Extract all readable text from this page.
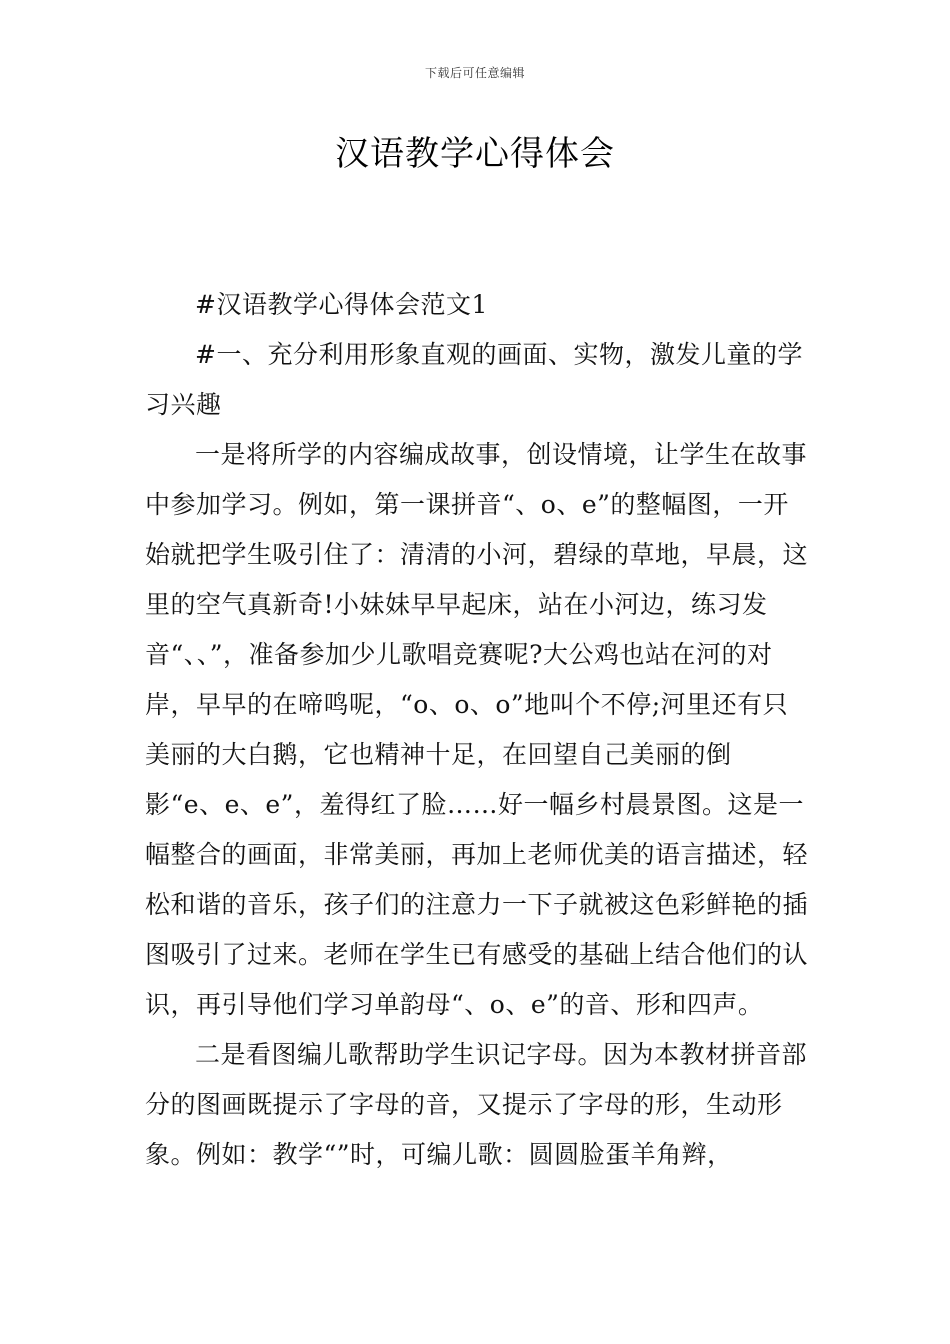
下载后可任意编辑
汉语教学心得体会

#汉语教学心得体会范文1

#一、充分利用形象直观的画面、实物，激发儿童的学习兴趣

一是将所学的内容编成故事，创设情境，让学生在故事中参加学习。例如，第一课拼音“、o、e”的整幅图，一开始就把学生吸引住了：清清的小河，碧绿的草地，早晨，这里的空气真新奇!小妹妹早早起床，站在小河边，练习发音“、、”，准备参加少儿歌唱竞赛呢?大公鸡也站在河的对岸，早早的在啼鸣呢，“o、o、o”地叫个不停;河里还有只美丽的大白鹅，它也精神十足，在回望自己美丽的倒影“e、e、e”，羞得红了脸……好一幅乡村晨景图。这是一幅整合的画面，非常美丽，再加上老师优美的语言描述，轻松和谐的音乐，孩子们的注意力一下子就被这色彩鲜艳的插图吸引了过来。老师在学生已有感受的基础上结合他们的认识，再引导他们学习单韵母“、o、e”的音、形和四声。

二是看图编儿歌帮助学生识记字母。因为本教材拼音部分的图画既提示了字母的音，又提示了字母的形，生动形象。例如：教学“”时，可编儿歌：圆圆脸蛋羊角辫，
